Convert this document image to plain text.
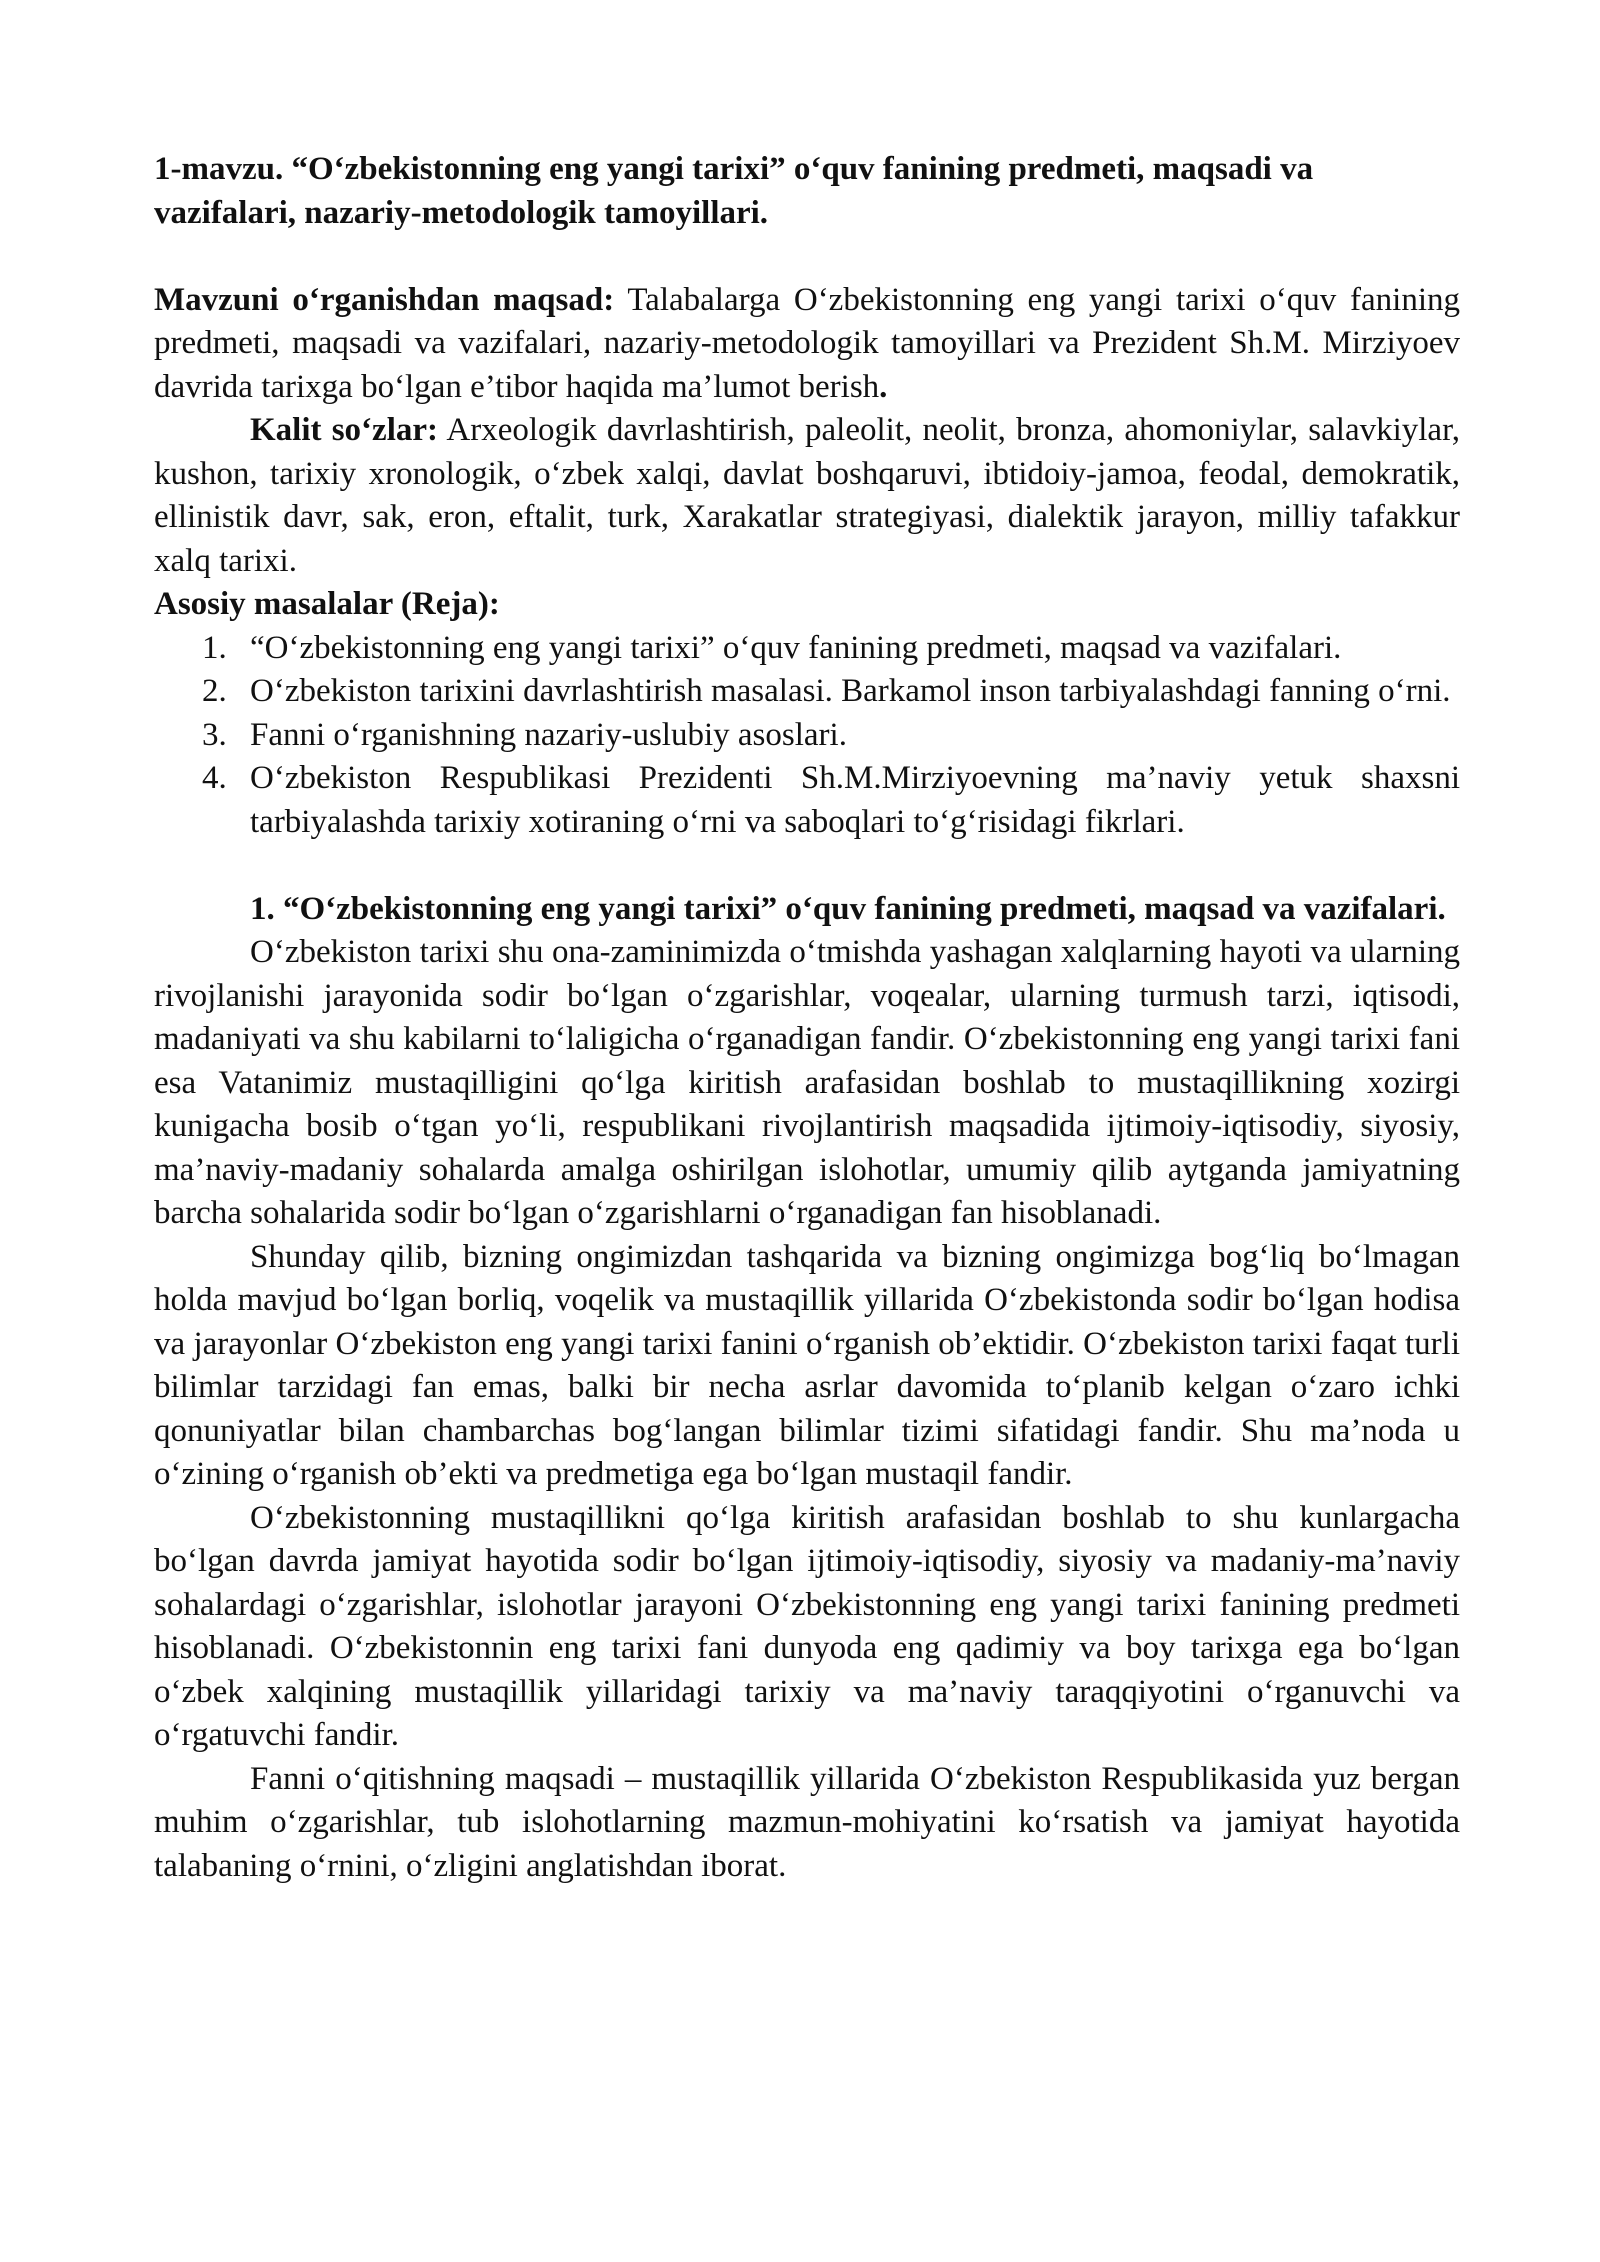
1-mavzu. “O‘zbekistonning eng yangi tarixi” o‘quv fanining predmeti, maqsadi va vazifalari, nazariy-metodologik tamoyillari.

Mavzuni o‘rganishdan maqsad: Talabalarga O‘zbekistonning eng yangi tarixi o‘quv fanining predmeti, maqsadi va vazifalari, nazariy-metodologik tamoyillari va Prezident Sh.M. Mirziyoev davrida tarixga bo‘lgan e’tibor haqida ma’lumot berish.

Kalit so‘zlar: Arxeologik davrlashtirish, paleolit, neolit, bronza, ahomoniylar, salavkiylar, kushon, tarixiy xronologik, o‘zbek xalqi, davlat boshqaruvi, ibtidoiy-jamoa, feodal, demokratik, ellinistik davr, sak, eron, eftalit, turk, Xarakatlar strategiyasi, dialektik jarayon, milliy tafakkur xalq tarixi.

Asosiy masalalar (Reja):

1. “O‘zbekistonning eng yangi tarixi” o‘quv fanining predmeti, maqsad va vazifalari.
2. O‘zbekiston tarixini davrlashtirish masalasi. Barkamol inson tarbiyalashdagi fanning o‘rni.
3. Fanni o‘rganishning nazariy-uslubiy asoslari.
4. O‘zbekiston Respublikasi Prezidenti Sh.M.Mirziyoevning ma’naviy yetuk shaxsni tarbiyalashda tarixiy xotiraning o‘rni va saboqlari to‘g‘risidagi fikrlari.

1. “O‘zbekistonning eng yangi tarixi” o‘quv fanining predmeti, maqsad va vazifalari.

O‘zbekiston tarixi shu ona-zaminimizda o‘tmishda yashagan xalqlarning hayoti va ularning rivojlanishi jarayonida sodir bo‘lgan o‘zgarishlar, voqealar, ularning turmush tarzi, iqtisodi, madaniyati va shu kabilarni to‘laligicha o‘rganadigan fandir. O‘zbekistonning eng yangi tarixi fani esa Vatanimiz mustaqilligini qo‘lga kiritish arafasidan boshlab to mustaqillikning xozirgi kunigacha bosib o‘tgan yo‘li, respublikani rivojlantirish maqsadida ijtimoiy-iqtisodiy, siyosiy, ma’naviy-madaniy sohalarda amalga oshirilgan islohotlar, umumiy qilib aytganda jamiyatning barcha sohalarida sodir bo‘lgan o‘zgarishlarni o‘rganadigan fan hisoblanadi.

Shunday qilib, bizning ongimizdan tashqarida va bizning ongimizga bog‘liq bo‘lmagan holda mavjud bo‘lgan borliq, voqelik va mustaqillik yillarida O‘zbekistonda sodir bo‘lgan hodisa va jarayonlar O‘zbekiston eng yangi tarixi fanini o‘rganish ob’ektidir. O‘zbekiston tarixi faqat turli bilimlar tarzidagi fan emas, balki bir necha asrlar davomida to‘planib kelgan o‘zaro ichki qonuniyatlar bilan chambarchas bog‘langan bilimlar tizimi sifatidagi fandir. Shu ma’noda u o‘zining o‘rganish ob’ekti va predmetiga ega bo‘lgan mustaqil fandir.

O‘zbekistonning mustaqillikni qo‘lga kiritish arafasidan boshlab to shu kunlargacha bo‘lgan davrda jamiyat hayotida sodir bo‘lgan ijtimoiy-iqtisodiy, siyosiy va madaniy-ma’naviy sohalardagi o‘zgarishlar, islohotlar jarayoni O‘zbekistonning eng yangi tarixi fanining predmeti hisoblanadi. O‘zbekistonnin eng tarixi fani dunyoda eng qadimiy va boy tarixga ega bo‘lgan o‘zbek xalqining mustaqillik yillaridagi tarixiy va ma’naviy taraqqiyotini o‘rganuvchi va o‘rgatuvchi fandir.

Fanni o‘qitishning maqsadi – mustaqillik yillarida O‘zbekiston Respublikasida yuz bergan muhim o‘zgarishlar, tub islohotlarning mazmun-mohiyatini ko‘rsatish va jamiyat hayotida talabaning o‘rnini, o‘zligini anglatishdan iborat.
